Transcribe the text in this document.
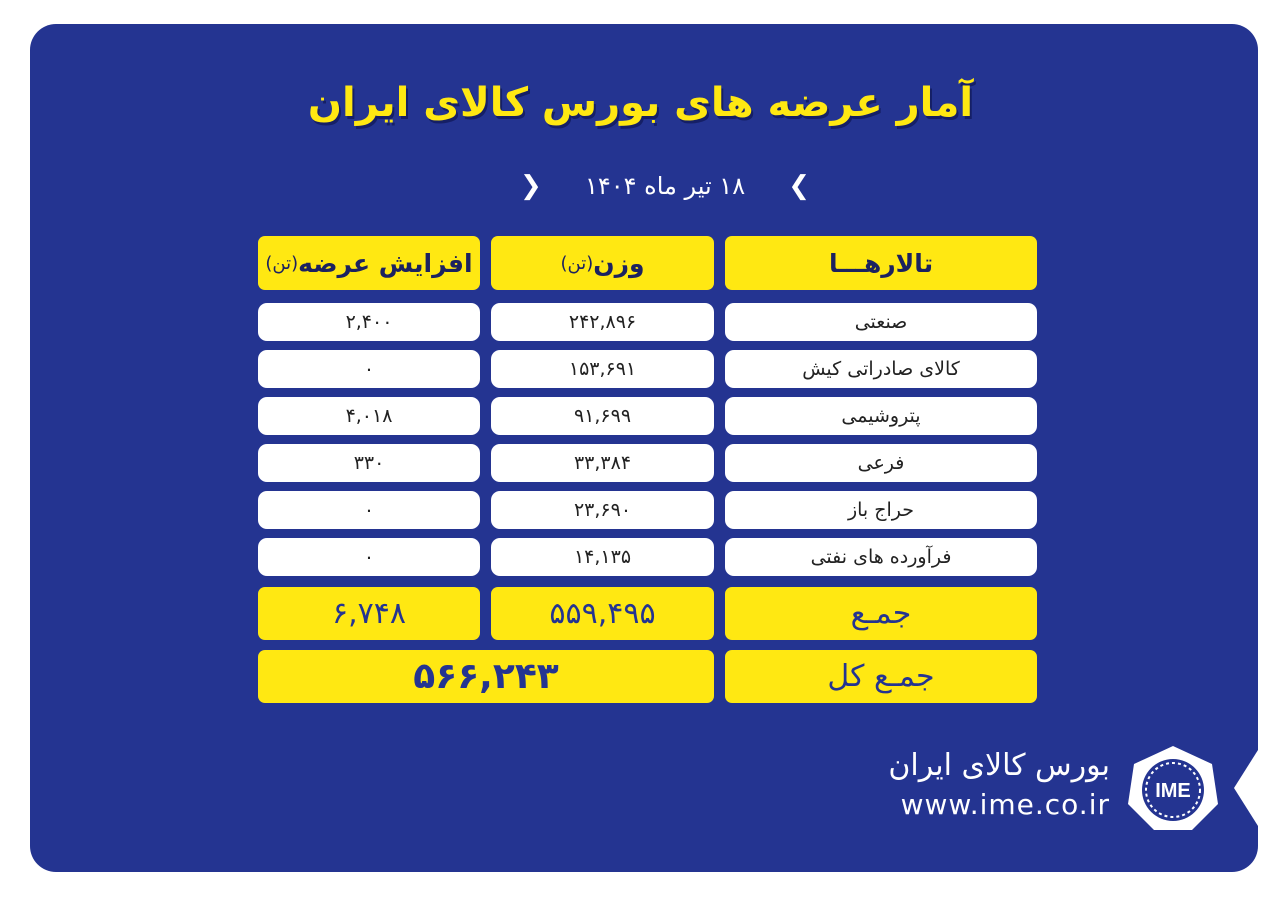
آمار عرضه های بورس کالای ایران
❯
۱۸ تیر ماه ۱۴۰۴
❮
تالارهـــا
وزن
(تن)
افزایش عرضه
(تن)
صنعتی
۲۴۲,۸۹۶
۲,۴۰۰
کالای صادراتی کیش
۱۵۳,۶۹۱
۰
پتروشیمی
۹۱,۶۹۹
۴,۰۱۸
فرعی
۳۳,۳۸۴
۳۳۰
حراج باز
۲۳,۶۹۰
۰
فرآورده های نفتی
۱۴,۱۳۵
۰
جمـع
۵۵۹,۴۹۵
۶,۷۴۸
جمـع کل
۵۶۶,۲۴۳
بورس کالای ایران
www.ime.co.ir IME
